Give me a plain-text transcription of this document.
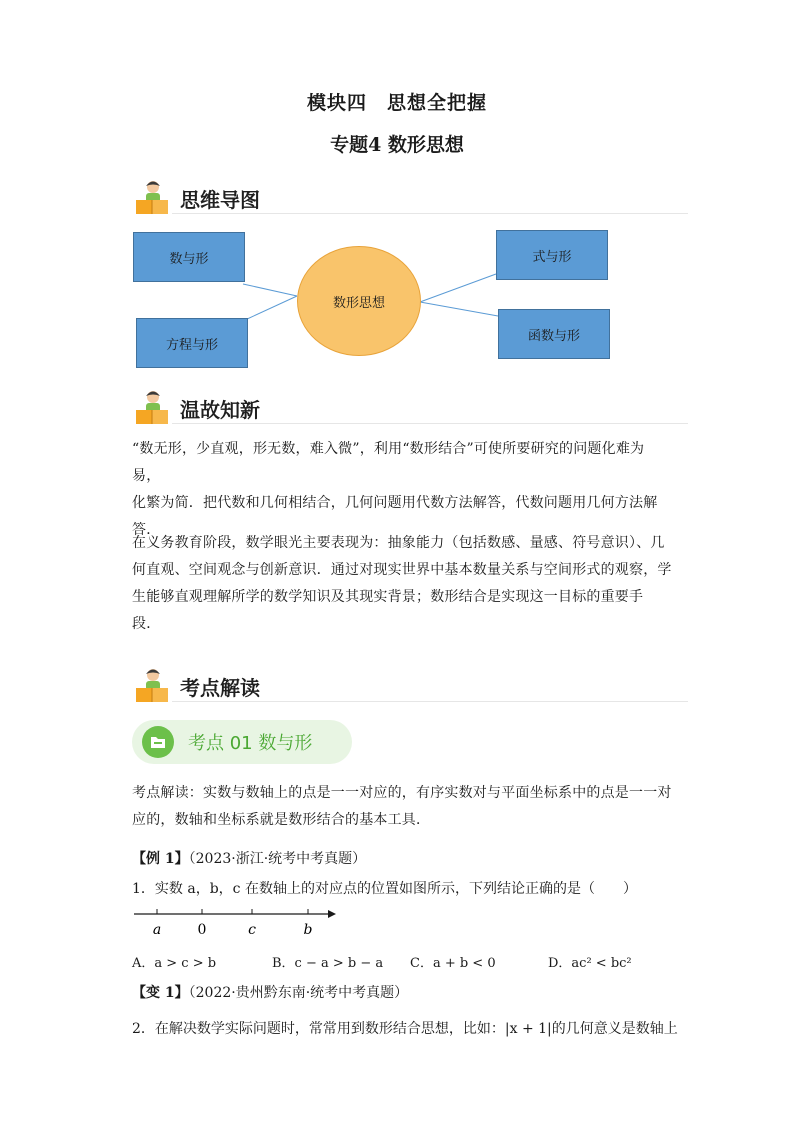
模块四　思想全把握
专题4 数形思想
思维导图
数与形
方程与形
数形思想
式与形
函数与形
温故知新

“数无形，少直观，形无数，难入微”，利用“数形结合”可使所要研究的问题化难为易，

化繁为简．把代数和几何相结合，几何问题用代数方法解答，代数问题用几何方法解

答．

在义务教育阶段，数学眼光主要表现为：抽象能力（包括数感、量感、符号意识）、几

何直观、空间观念与创新意识．通过对现实世界中基本数量关系与空间形式的观察，学

生能够直观理解所学的数学知识及其现实背景；数形结合是实现这一目标的重要手

段．

考点解读
考点 01 数与形

考点解读：实数与数轴上的点是一一对应的，有序实数对与平面坐标系中的点是一一对

应的，数轴和坐标系就是数形结合的基本工具．

【例 1】（2023·浙江·统考中考真题）
1．实数 a，b，c 在数轴上的对应点的位置如图所示，下列结论正确的是（　　）
a	0	c	b
A．a > c > b	B．c − a > b − a C．a + b < 0	D．ac² < bc²
【变 1】（2022·贵州黔东南·统考中考真题）
2．在解决数学实际问题时，常常用到数形结合思想，比如：|x + 1|的几何意义是数轴上
